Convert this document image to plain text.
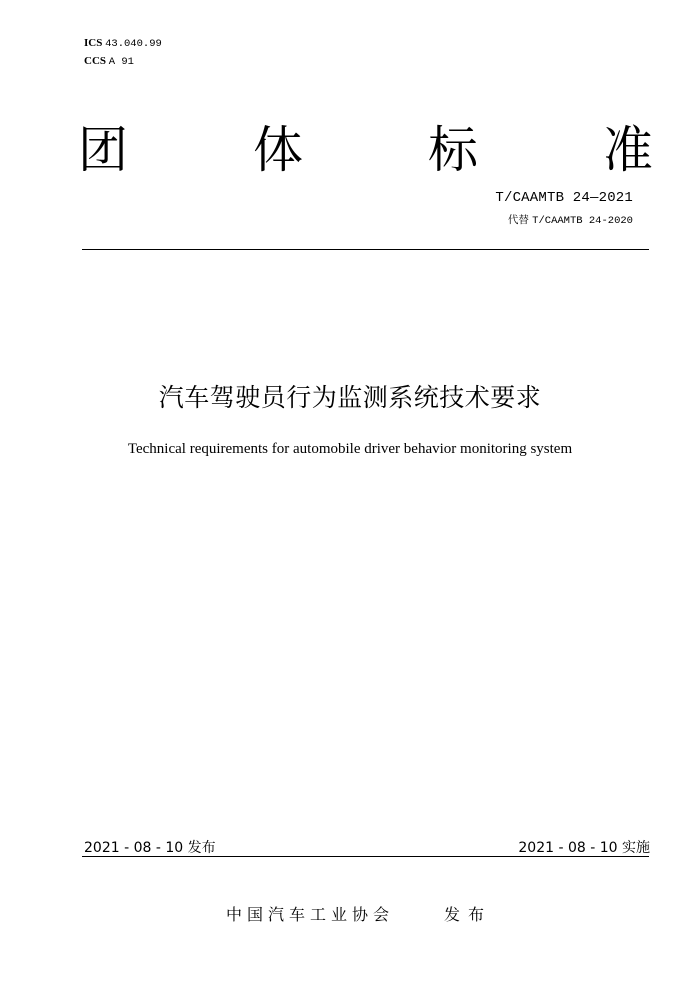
ICS 43.040.99
CCS A 91
团	体	标	准
T/CAAMTB 24—2021
代替 T/CAAMTB 24-2020
汽车驾驶员行为监测系统技术要求
Technical requirements for automobile driver behavior monitoring system
2021 - 08 - 10 发布	2021 - 08 - 10 实施
中国汽车工业协会	发布
